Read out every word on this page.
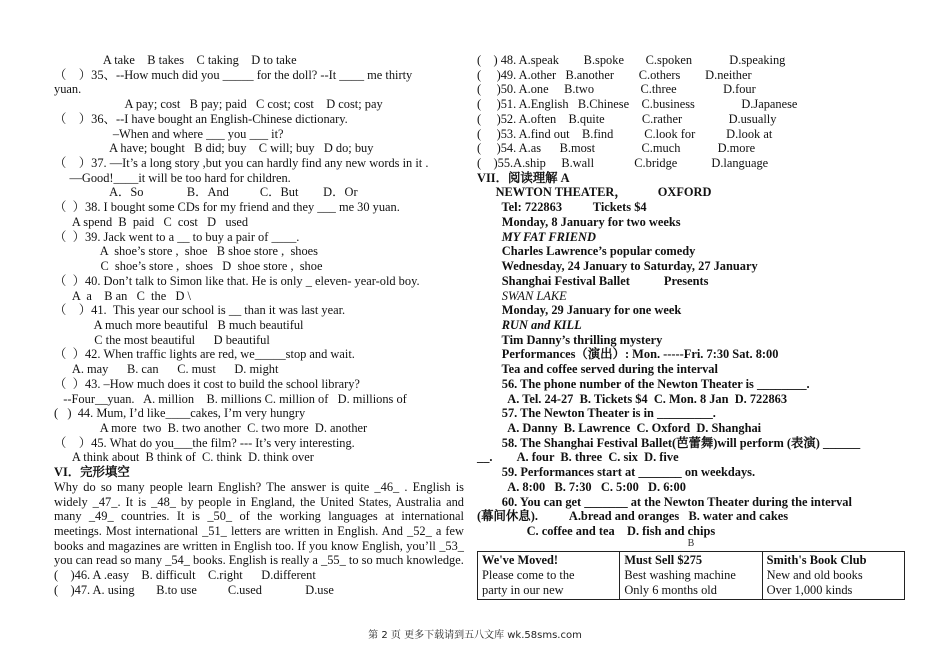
A take    B takes    C taking    D to take
（    ）35、--How much did you _____ for the doll? --It ____ me thirty
yuan.
A pay; cost   B pay; paid   C cost; cost    D cost; pay
（    ）36、--I have bought an English-Chinese dictionary.
–When and where ___ you ___ it?
A have; bought   B did; buy    C will; buy   D do; buy
（    ）37. —It’s a long story ,but you can hardly find any new words in it .
—Good!____it will be too hard for children.
A．So              B．And          C．But        D．Or
（  ）38. I bought some CDs for my friend and they ___ me 30 yuan.
A spend  B  paid   C  cost   D   used
（  ）39. Jack went to a __ to buy a pair of ____.
A  shoe’s store ,  shoe   B shoe store ,  shoes
C  shoe’s store ,  shoes   D  shoe store ,  shoe
（  ）40. Don’t talk to Simon like that. He is only _ eleven- year-old boy.
A  a    B an   C  the   D \
（    ）41.  This year our school is __ than it was last year.
A much more beautiful   B much beautiful
C the most beautiful      D beautiful
（  ）42. When traffic lights are red, we_____stop and wait.
A. may      B. can      C. must      D. might
（  ）43. –How much does it cost to build the school library?
--Four__yuan.   A. million    B. millions C. million of   D. millions of
(   )  44. Mum, I’d like____cakes, I’m very hungry
A more  two  B. two another  C. two more  D. another
（    ）45. What do you___the film? --- It’s very interesting.
A think about  B think of  C. think  D. think over
VI．完形填空
Why do so many people learn English? The answer is quite _46_ . English is widely _47_. It is _48_ by people in England, the United States, Australia and many _49_ countries. It is _50_ of the working languages at international meetings. Most international _51_ letters are written in English. And _52_ a few books and magazines are written in English too. If you know English, you’ll _53_ you can read so many _54_ books. English is really a _55_ to so much knowledge.
(    )46. A .easy    B. difficult    C.right      D.different
(    )47. A. using       B.to use          C.used              D.use
(    ) 48. A.speak        B.spoke       C.spoken            D.speaking
(     )49. A.other   B.another        C.others        D.neither
(     )50. A.one     B.two               C.three               D.four
(     )51. A.English   B.Chinese    C.business               D.Japanese
(     )52. A.often    B.quite            C.rather               D.usually
(     )53. A.find out    B.find          C.look for          D.look at
(     )54. A.as      B.most               C.much            D.more
(    )55.A.ship     B.wall             C.bridge           D.language
VII．阅读理解 A
NEWTON THEATER，          OXFORD
Tel: 722863          Tickets $4
Monday, 8 January for two weeks
MY FAT FRIEND
Charles Lawrence’s popular comedy
Wednesday, 24 January to Saturday, 27 January
Shanghai Festival Ballet           Presents
SWAN LAKE
Monday, 29 January for one week
RUN and KILL
Tim Danny’s thrilling mystery
Performances（演出）: Mon. -----Fri. 7:30 Sat. 8:00
Tea and coffee served during the interval
56. The phone number of the Newton Theater is ________.
A. Tel. 24-27  B. Tickets $4  C. Mon. 8 Jan  D. 722863
57. The Newton Theater is in _________.
A. Danny  B. Lawrence  C. Oxford  D. Shanghai
58. The Shanghai Festival Ballet(芭蕾舞)will perform (表演) ______
__.        A. four  B. three  C. six  D. five
59. Performances start at _______ on weekdays.
A. 8:00   B. 7:30   C. 5:00   D. 6:00
60. You can get _______ at the Newton Theater during the interval
(幕间休息).          A.bread and oranges   B. water and cakes
C. coffee and tea    D. fish and chips
B
We've Moved!
Please come to the
party in our new

Must Sell $275
Best washing machine
Only 6 months old

Smith's Book Club
New and old books
Over 1,000 kinds
第 2 页 更多下载请到五八文库 wk.58sms.com
